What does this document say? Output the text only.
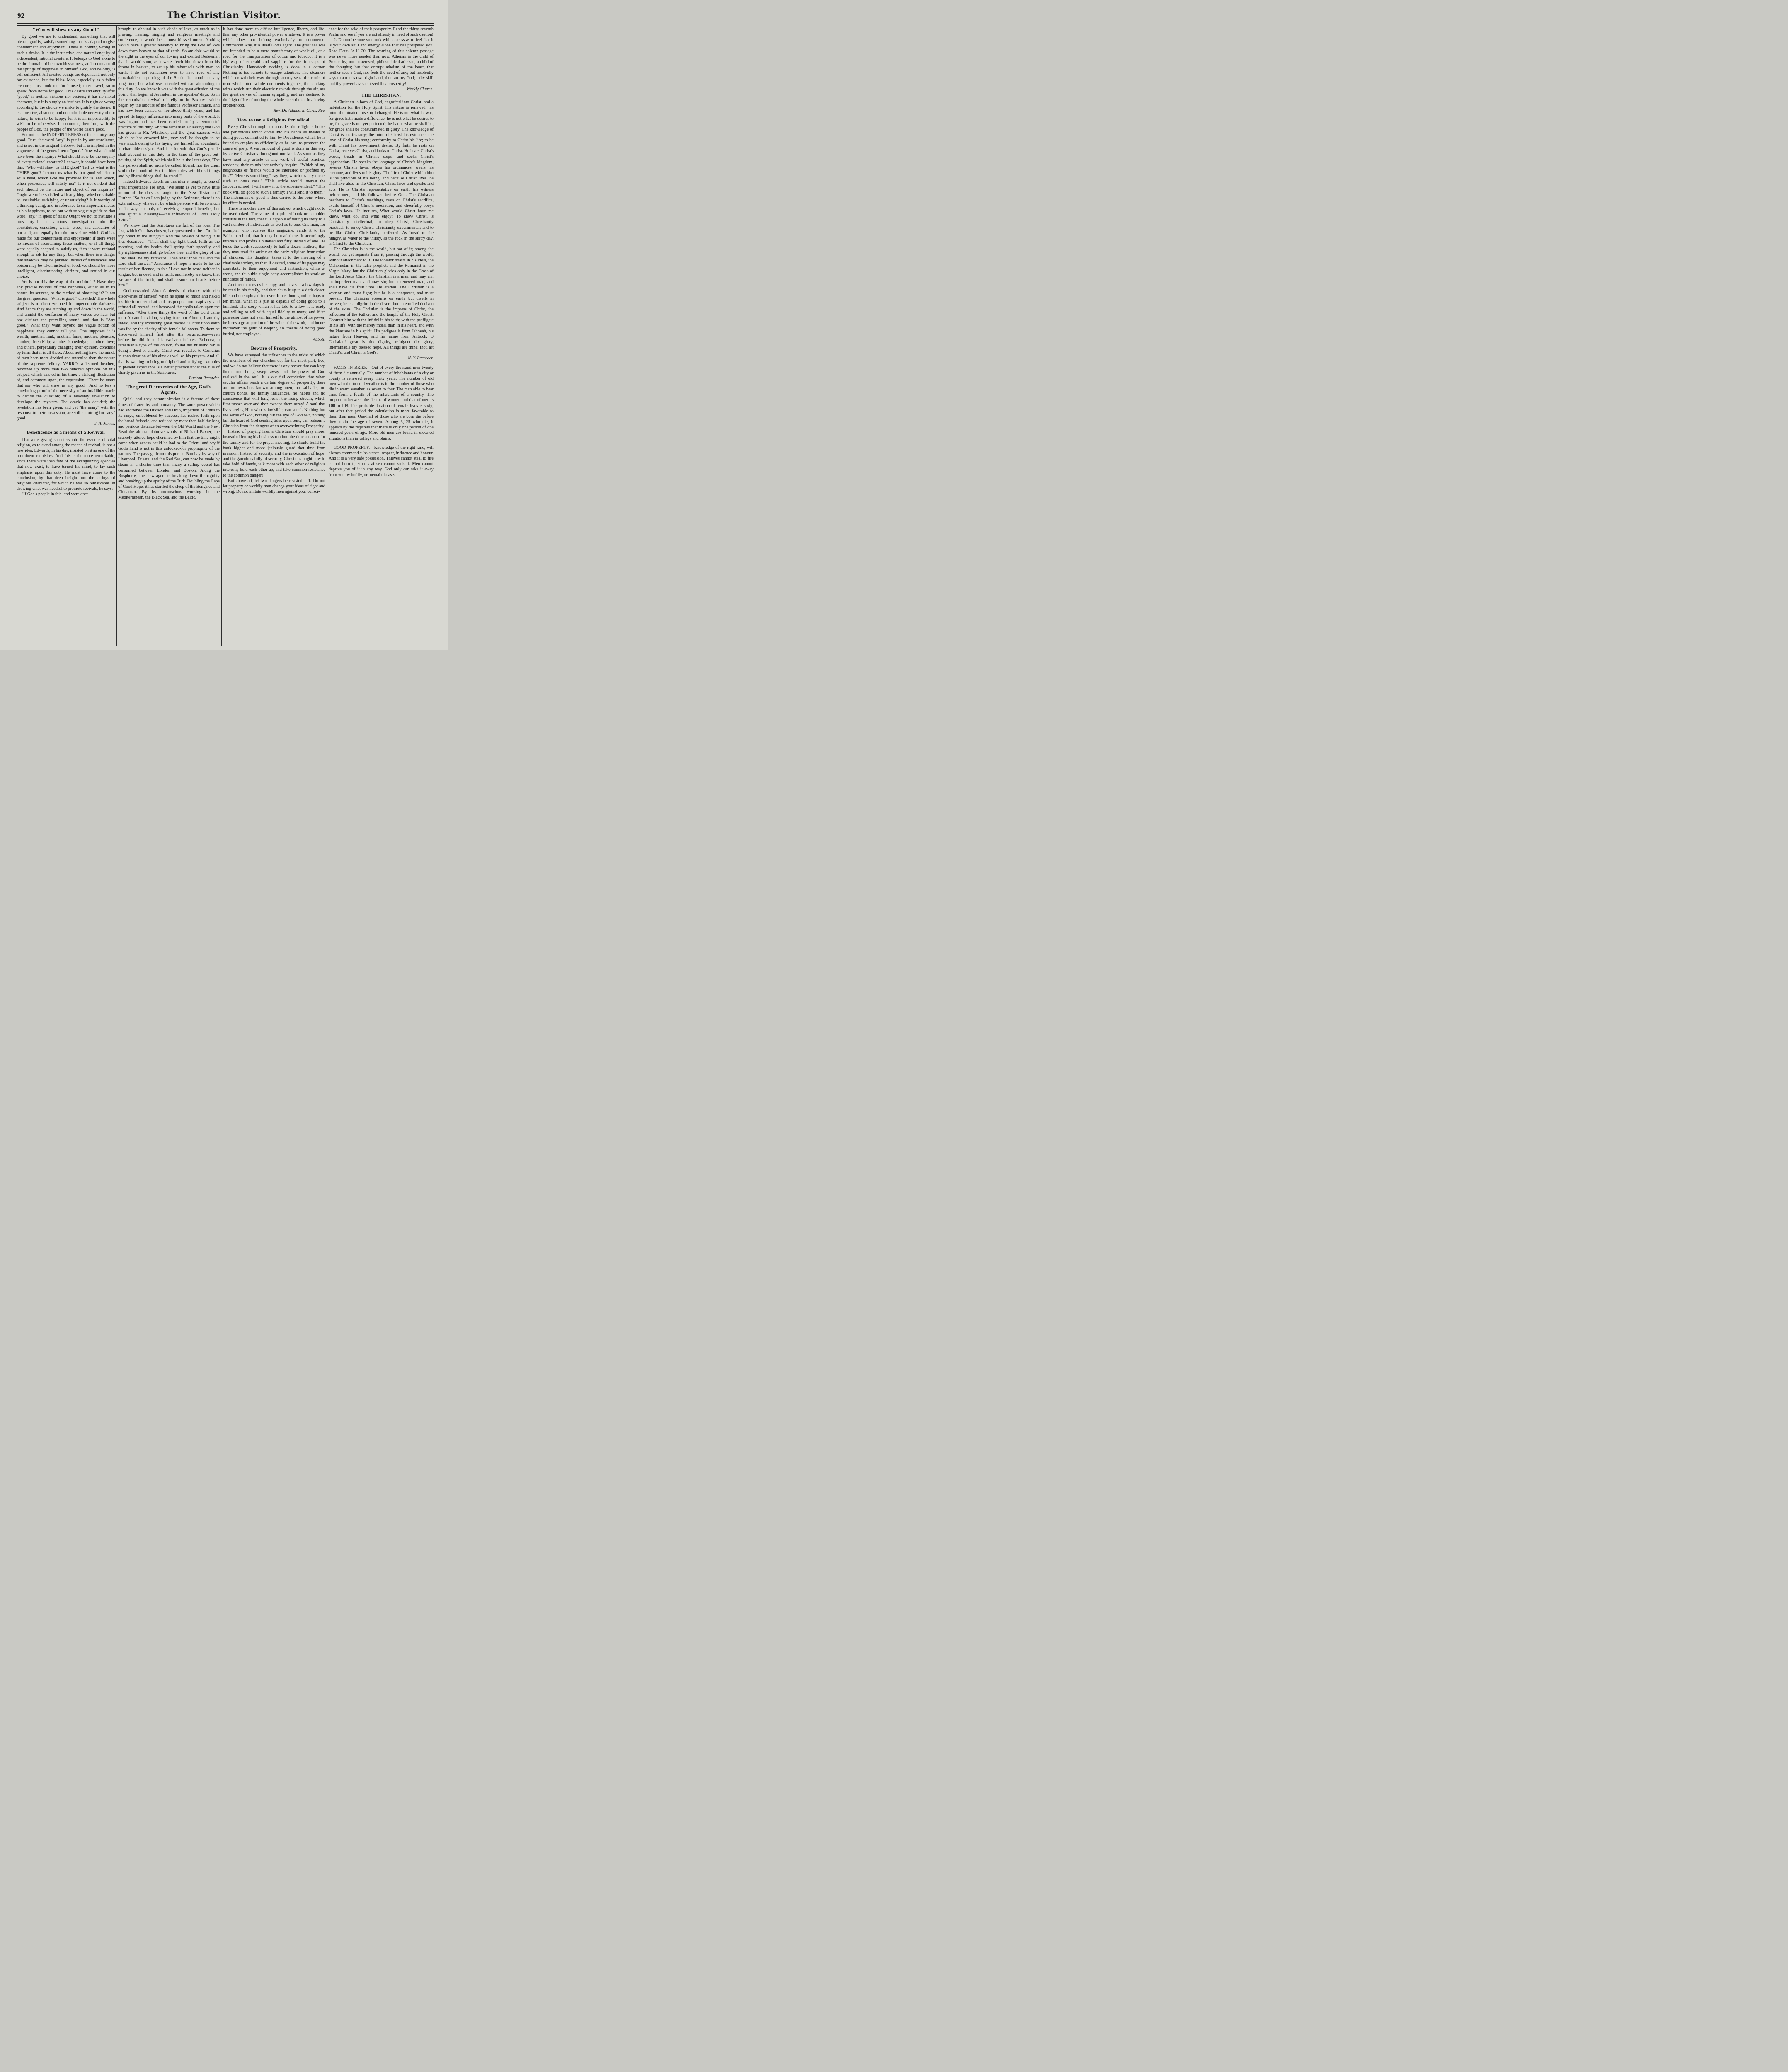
92	The Christian Visitor.
"Who will shew us any Good!"

By good we are to understand, something that will please, gratify, satisfy: something that is adapted to give contentment and enjoyment. There is nothing wrong in such a desire. It is the instinctive, and natural enquiry of a dependent, rational creature. It belongs to God alone to be the fountain of his own blessedness, and to contain all the springs of happiness in himself. God, and he only, is self-sufficient. All created beings are dependent, not only for existence, but for bliss. Man, especially as a fallen creature, must look out for himself; must travel, so to speak, from home for good. This desire and enquiry after "good," is neither virtuous nor vicious; it has no moral character, but it is simply an instinct. It is right or wrong according to the choice we make to gratify the desire. It is a positive, absolute, and uncontrolable necessity of our nature, to wish to be happy; for it is an impossibility to wish to be otherwise. In common, therefore, with the people of God, the people of the world desire good.

But notice the INDEFINITENESS of the enquiry: any good. True, the word "any" is put in by our translators, and is not in the original Hebrew: but it is implied in the vagueness of the general term "good." Now what should have been the inquiry? What should now be the enquiry of every rational creature? I answer, it should have been this, "Who will shew us THE good? Tell us what is the CHIEF good? Instruct us what is that good which our souls need, which God has provided for us, and which, when possessed, will satisfy us?" Is it not evident that such should be the nature and object of our inquiries? Ought we to be satisfied with anything, whether suitable or unsuitable; satisfying or unsatisfying? Is it worthy of a thinking being, and in reference to so important matter as his happiness, to set out with so vague a guide as that word "any," in quest of bliss? Ought we not to institute a most rigid and anxious investigation into the constitution, condition, wants, woes, and capacities of our soul; and equally into the provisions which God has made for our contentment and enjoyment? If there were no means of ascertaining these matters, or if all things were equally adapted to satisfy us, then it were rational enough to ask for any thing: but when there is a danger that shadows may be pursued instead of substances; and poison may be taken instead of food, we should be more intelligent, discriminating, definite, and settled in our choice.

Yet is not this the way of the multitude? Have they any precise notions of true happiness, either as to its nature, its sources, or the method of obtaining it? Is not the great question, "What is good," unsettled? The whole subject is to them wrapped in impenetrable darkness. And hence they are running up and down in the world, and amidst the confusion of many voices we hear but one distinct and prevailing sound, and that is "Any good." What they want beyond the vague notion of happiness, they cannot tell you. One supposes it is wealth; another, rank; another, fame; another, pleasure; another, friendship; another knowledge; another, love; and others, perpetually changing their opinion, conclude by turns that it is all these. About nothing have the minds of men been more divided and unsettled than the nature of the supreme felicity. VARRO, a learned heathen, reckoned up more than two hundred opinions on this subject, which existed in his time: a striking illustration of, and comment upon, the expression, "There be many that say who will shew us any good." And no less a convincing proof of the necessity of an infallible oracle to decide the question; of a heavenly revelation to develope the mystery. The oracle has decided; the revelation has been given, and yet "the many" with the response in their possession, are still enquiring for "any" good.

J. A. James.
Beneficence as a means of a Revival.

That alms-giving so enters into the essence of vital religion, as to stand among the means of revival, is not a new idea. Edwards, in his day, insisted on it as one of the prominent requisites. And this is the more remarkable, since there were then few of the evangelizing agencies that now exist, to have turned his mind, to lay such emphasis upon this duty. He must have come to the conclusion, by that deep insight into the springs of religious character, for which he was so remarkable. In showing what was needful to promote revivals, he says:

"If God's people in this land were once

brought to abound in such deeds of love, as much as in praying, hearing, singing and religious meetings and conference, it would be a most blessed omen. Nothing would have a greater tendency to bring the God of love down from heaven to that of earth. So amiable would be the sight in the eyes of our loving and exalted Redeemer, that it would soon, as it were, fetch him down from his throne in heaven, to set up his tabernacle with men on earth. I do not remember ever to have read of any remarkable out-pouring of the Spirit, that continued any long time, but what was attended with an abounding in this duty. So we know it was with the great effusion of the Spirit, that begun at Jerusalem in the apostles' days. So in the remarkable revival of religion in Saxony—which began by the labours of the famous Professor Franck, and has now been carried on for above thirty years, and has spread its happy influence into many parts of the world. It was begun and has been carried on by a wonderful practice of this duty. And the remarkable blessing that God has given to Mr. Whitfield, and the great success with which he has crowned him, may well be thought to be very much owing to his laying out himself so abundantly in charitable designs. And it is foretold that God's people shall abound in this duty in the time of the great out-pouring of the Spirit, which shall be in the latter days, 'The vile person shall no more be called liberal, nor the churl said to be bountiful. But the liberal deviseth liberal things and by liberal things shall he stand.'"

Indeed Edwards dwells on this idea at length, as one of great importance. He says, "We seem as yet to have little notion of the duty as taught in the New Testament." Further, "So far as I can judge by the Scripture, there is no external duty whatever, by which persons will be so much in the way, not only of receiving temporal benefits, but also spiritual blessings—the influences of God's Holy Spirit."

We know that the Scriptures are full of this idea. The fast, which God has chosen, is represented to be—"to deal thy bread to the hungry." And the reward of doing it is thus described—"Then shall thy light break forth as the morning, and thy health shall spring forth speedily, and thy righteousness shall go before thee, and the glory of the Lord shall be thy rereward. Then shalt thou call and the Lord shall answer." Assurance of hope is made to be the result of benificence, in this "Love not in word neither in tongue, but in deed and in truth; and hereby we know, that we are of the truth, and shall assure our hearts before him."

God rewarded Abram's deeds of charity with rich discoveries of himself, when he spent so much and risked his life to redeem Lot and his people from captivity, and refused all reward, and bestowed the spoils taken upon the sufferers. "After these things the word of the Lord came unto Abram in vision, saying fear not Abram; I am thy shield, and thy exceeding great reward." Christ upon earth was fed by the charity of his female followers. To them he discovered himself first after the resurrection—even before he did it to his twelve disciples. Rebecca, a remarkable type of the church, found her husband while doing a deed of charity. Christ was revealed to Cornelius in consideration of his alms as well as his prayers. And all that is wanting to bring multiplied and edifying examples in present experience is a better practice under the rule of charity given us in the Scriptures.

Puritan Recorder.
The great Discoveries of the Age, God's Agents.

Quick and easy communication is a feature of these times of fraternity and humanity. The same power which had shortened the Hudson and Ohio, impatient of limits to its range, emboldened by success, has rushed forth upon the broad Atlantic, and reduced by more than half the long and perilous distance between the Old World and the New. Read the almost plaintive words of Richard Baxter; the scarcely-uttered hope cherished by him that the time might come when access could be had to the Orient, and say if God's hand is not in this unlooked-for propinquity of the nations. The passage from this port to Bombay by way of Liverpool, Trieste, and the Red Sea, can now be made by steam in a shorter time than many a sailing vessel has consumed between London and Boston. Along the Bosphorus, this new agent is breaking down the rigidity and breaking up the apathy of the Turk. Doubling the Cape of Good Hope, it has startled the sleep of the Bengalee and Chinaman. By its unconscious working in the Mediterranean, the Black Sea, and the Baltic,

it has done more to diffuse intelligence, liberty, and life, than any other providential power whatever. It is a power which does not belong exclusively to commerce. Commerce! why, it is itself God's agent. The great sea was not intended to be a mere manufactory of whale-oil, or a road for the transportation of cotton and tobacco. It is a highway of emerald and sapphire for the footsteps of Christianity. Henceforth nothing is done in a corner. Nothing is too remote to escape attention. The steamers which crowd their way through stormy seas, the roads of iron which bind whole continents together, the clicking wires which run their electric network through the air, are the great nerves of human sympathy, and are destined to the high office of uniting the whole race of man in a loving brotherhood.

Rev. Dr. Adams, in Chris. Rev.
How to use a Religious Periodical.

Every Christian ought to consider the religious books and periodicals which come into his hands as means of doing good, committed to him by Providence, which he is bound to employ as efficiently as he can, to promote the cause of piety. A vast amount of good is done in this way by active Christians throughout our land. As soon as they have read any article or any work of useful practical tendency, their minds instinctively inquire, "Which of my neighbours or friends would be interested or profited by this?" "Here is something," say they, which exactly meets such an one's case." "This article would interest the Sabbath school; I will show it to the superintendent." "This book will do good to such a family; I will lend it to them." The instrument of good is thus carried to the point where its effect is needed.

There is another view of this subject which ought not to be overlooked. The value of a printed book or pamphlet consists in the fact, that it is capable of telling its story to a vast number of individuals as well as to one. One man, for example, who receives this magazine, sends it to the Sabbath school, that it may be read there. It accordingly interests and profits a hundred and fifty, instead of one. He lends the work successively to half a dozen mothers, that they may read the article on the early religious instruction of children. His daughter takes it to the meeting of a charitable society, so that, if desired, some of its pages may contribute to their enjoyment and instruction, while at work, and thus this single copy accomplishes its work on hundreds of minds.

Another man reads his copy, and leaves it a few days to be read in his family, and then shuts it up in a dark closet, idle and unemployed for ever. It has done good perhaps to ten minds, when it is just as capable of doing good to a hundred. The story which it has told to a few, it is ready and willing to tell with equal fidelity to many, and if its possessor does not avail himself to the utmost of its power, he loses a great portion of the value of the work, and incurs moreover the guilt of keeping his means of doing good buried, not employed.

Abbott.
Beware of Prosperity.

We have surveyed the influences in the midst of which the members of our churches do, for the most part, live, and we do not believe that there is any power that can keep them from being swept away, but the power of God realized in the soul. It is our full conviction that when secular affairs reach a certain degree of prosperity, there are no restraints known among men, no sabbaths, no church bonds, no family influences, no habits and no conscience that will long resist the rising stream, which first rushes over and then sweeps them away! A soul that lives seeing Him who is invisible, can stand. Nothing but the sense of God, nothing but the eye of God felt, nothing but the heart of God sending tides upon ours, can redeem a Christian from the dangers of an overwhelming Prosperity.

Instead of praying less, a Christian should pray more; instead of letting his business run into the time set apart for the family and for the prayer meeting, he should build the bank higher and more jealously guard that time from invasion. Instead of security, and the intoxication of hope, and the garrulous folly of security, Christians ought now to take hold of hands, talk more with each other of religious interests; hold each other up, and take common resistance to the common danger!

But above all, let two dangers be resisted— 1. Do not let property or worldly men change your ideas of right and wrong. Do not imitate worldly men against your consci-

ence for the sake of their prosperity. Read the thirty-seventh Psalm and see if you are not already in need of such caution!

2. Do not become so drunk with success as to feel that it is your own skill and energy alone that has prospered you. Read Deut. 8: 11-20. The warning of this solemn passage was never more needed than now. Atheism is the child of Prosperity; not an avowed, philosophical atheism, a child of the thoughts; but that corrupt atheism of the heart, that neither sees a God, nor feels the need of any; but insolently says to a man's own right hand, thou art my God;—thy skill and thy power have achieved this prosperity!

Weekly Church.
THE CHRISTIAN.

A Christian is born of God, engrafted into Christ, and a habitation for the Holy Spirit. His nature is renewed, his mind illuminated, his spirit changed. He is not what he was, for grace hath made a difference; he is not what he desires to be, for grace is not yet perfected; he is not what he shall be, for grace shall be consummated in glory. The knowledge of Christ is his treasury; the mind of Christ his evidence; the love of Christ his song; conformity to Christ his life; to be with Christ his pre-eminent desire. By faith he rests on Christ, receives Christ, and looks to Christ. He hears Christ's words, treads in Christ's steps, and seeks Christ's approbation. He speaks the language of Christ's kingdom, reveres Christ's laws, obeys his ordinances, wears his costume, and lives to his glory. The life of Christ within him is the principle of his being; and because Christ lives, he shall live also. In the Christian, Christ lives and speaks and acts. He is Christ's representative on earth, his witness before men, and his follower before God. The Christian hearkens to Christ's teachings, rests on Christ's sacrifice, avails himself of Christ's mediation, and cheerfully obeys Christ's laws. He inquires, What would Christ have me know, what do, and what enjoy? To know Christ, is Christianity intellectual; to obey Christ, Christianity practical; to enjoy Christ, Christianity experimental; and to be like Christ, Christianity perfected. As bread to the hungry, as water to the thirsty, as the rock in the sultry day, is Christ to the Christian.

The Christian is in the world, but not of it; among the world, but yet separate from it; passing through the world, without attachment to it. The idolator boasts in his idols, the Mahometan in the false prophet, and the Romanist in the Virgin Mary, but the Christian glories only in the Cross of the Lord Jesus Christ, the Christian is a man, and may err; an imperfect man, and may sin; but a renewed man, and shall have his fruit unto life eternal. The Christian is a warrior, and must fight; but he is a conqueror, and must prevail. The Christian sojourns on earth, but dwells in heaven; he is a pilgrim in the desert, but an enrolled denizen of the skies. The Christian is the impress of Christ, the reflection of the Father, and the temple of the Holy Ghost. Contrast him with the infidel in his faith; with the profligate in his life; with the merely moral man in his heart, and with the Pharisee in his spirit. His pedigree is from Jehovah, his nature from Heaven, and his name from Antioch. O Christian! great is thy dignity, refulgent thy glory, interminable thy blessed hope. All things are thine; thou art Christ's, and Christ is God's.

N. Y. Recorder.

FACTS IN BRIEF.—Out of every thousand men twenty of them die annually. The number of inhabitants of a city or county is renewed every thirty years. The number of old men who die in cold weather is to the number of those who die in warm weather, as seven to four. The men able to bear arms form a fourth of the inhabitants of a country. The proportion between the deaths of women and that of men is 100 to 108. The probable duration of female lives is sixty; but after that period the calculation is more favorable to them than men. One-half of those who are born die before they attain the age of seven. Among 3,125 who die, it appears by the registers that there is only one person of one hundred years of age. More old men are found in elevated situations than in valleys and plains.

GOOD PROPERTY.—Knowledge of the right kind, will always command subsistence, respect, influence and honour. And it is a very safe possession. Thieves cannot steal it; fire cannot burn it; storms at sea cannot sink it. Men cannot deprive you of it in any way. God only can take it away from you by bodily, or mental disease.
